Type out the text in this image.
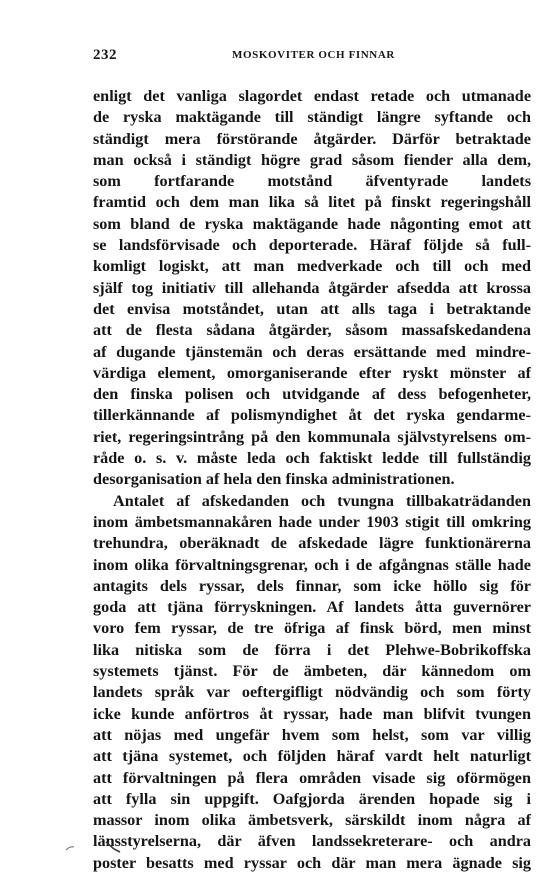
232	MOSKOVITER OCH FINNAR
enligt det vanliga slagordet endast retade och utmanade
de ryska maktägande till ständigt längre syftande och
ständigt mera förstörande åtgärder. Därför betraktade
man också i ständigt högre grad såsom fiender alla dem,
som fortfarande motstånd äfventyrade landets
framtid och dem man lika så litet på finskt regeringshåll
som bland de ryska maktägande hade någonting emot att
se landsförvisade och deporterade. Häraf följde så full-
komligt logiskt, att man medverkade och till och med
själf tog initiativ till allehanda åtgärder afsedda att krossa
det envisa motståndet, utan att alls taga i betraktande
att de flesta sådana åtgärder, såsom massafskedandena
af dugande tjänstemän och deras ersättande med mindre-
värdiga element, omorganiserande efter ryskt mönster af
den finska polisen och utvidgande af dess befogenheter,
tillerkännande af polismyndighet åt det ryska gendarme-
riet, regeringsintrång på den kommunala självstyrelsens om-
råde o. s. v. måste leda och faktiskt ledde till fullständig
desorganisation af hela den finska administrationen.
Antalet af afskedanden och tvungna tillbakaträdanden
inom ämbetsmannakåren hade under 1903 stigit till omkring
trehundra, oberäknadt de afskedade lägre funktionärerna
inom olika förvaltningsgrenar, och i de afgångnas ställe hade
antagits dels ryssar, dels finnar, som icke höllo sig för
goda att tjäna förryskningen. Af landets åtta guvernörer
voro fem ryssar, de tre öfriga af finsk börd, men minst
lika nitiska som de förra i det Plehwe-Bobrikoffska
systemets tjänst. För de ämbeten, där kännedom om
landets språk var oeftergifligt nödvändig och som förty
icke kunde anförtros åt ryssar, hade man blifvit tvungen
att nöjas med ungefär hvem som helst, som var villig
att tjäna systemet, och följden häraf vardt helt naturligt
att förvaltningen på flera områden visade sig oförmögen
att fylla sin uppgift. Oafgjorda ärenden hopade sig i
massor inom olika ämbetsverk, särskildt inom några af
länsstyrelserna, där äfven landssekreterare- och andra
poster besatts med ryssar och där man mera ägnade sig
